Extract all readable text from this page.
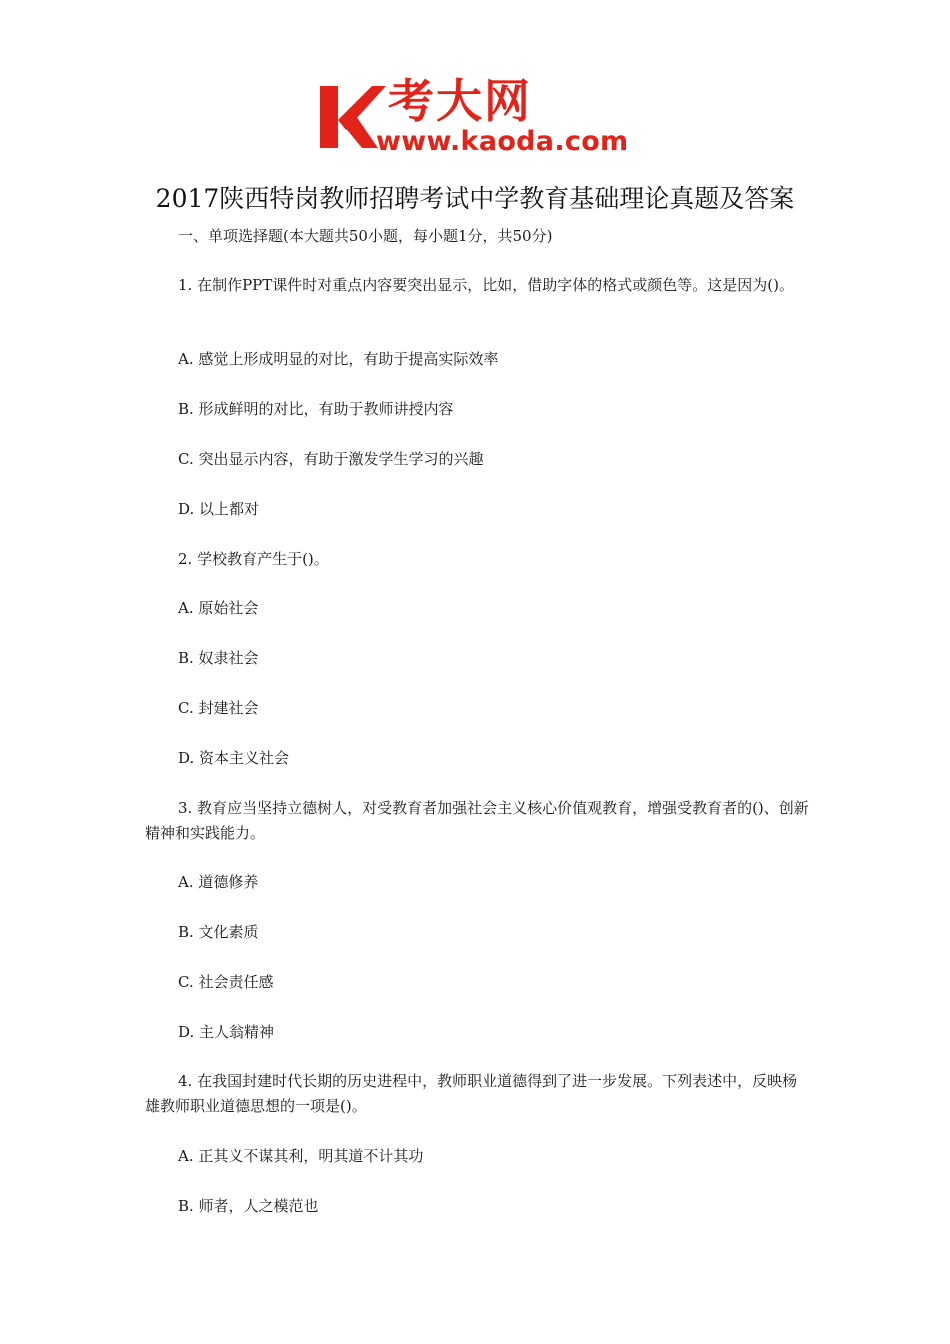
考大网
www.kaoda.com
2017陕西特岗教师招聘考试中学教育基础理论真题及答案
一、单项选择题(本大题共50小题，每小题1分，共50分)
1. 在制作PPT课件时对重点内容要突出显示，比如，借助字体的格式或颜色等。这是因为()。
A. 感觉上形成明显的对比，有助于提高实际效率
B. 形成鲜明的对比，有助于教师讲授内容
C. 突出显示内容，有助于激发学生学习的兴趣
D. 以上都对
2. 学校教育产生于()。
A. 原始社会
B. 奴隶社会
C. 封建社会
D. 资本主义社会
3. 教育应当坚持立德树人，对受教育者加强社会主义核心价值观教育，增强受教育者的()、创新精神和实践能力。
A. 道德修养
B. 文化素质
C. 社会责任感
D. 主人翁精神
4. 在我国封建时代长期的历史进程中，教师职业道德得到了进一步发展。下列表述中，反映杨雄教师职业道德思想的一项是()。
A. 正其义不谋其利，明其道不计其功
B. 师者，人之模范也
